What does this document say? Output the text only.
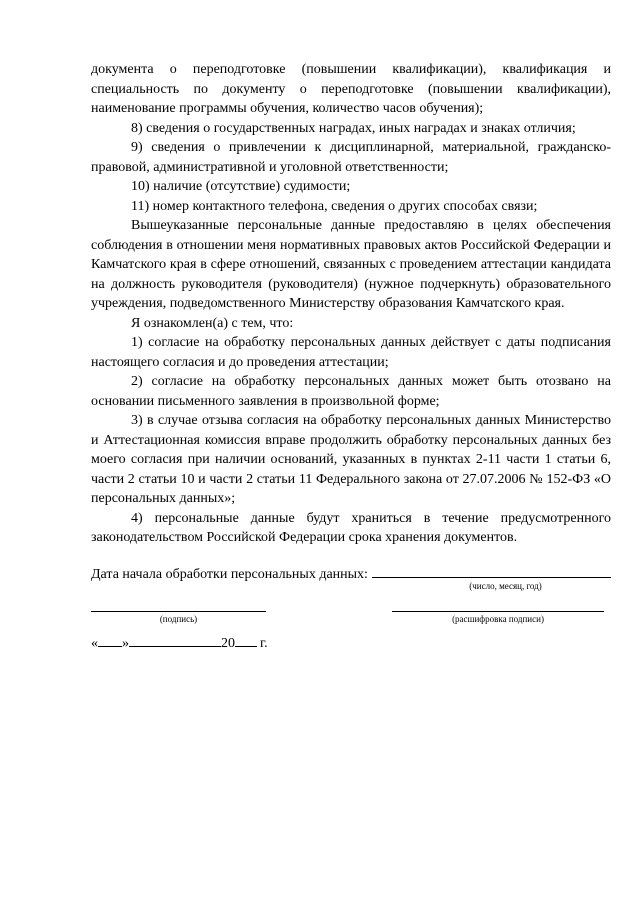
документа о переподготовке (повышении квалификации), квалификация и специальность по документу о переподготовке (повышении квалификации), наименование программы обучения, количество часов обучения);

8) сведения о государственных наградах, иных наградах и знаках отличия;

9) сведения о привлечении к дисциплинарной, материальной, гражданско-правовой, административной и уголовной ответственности;

10) наличие (отсутствие) судимости;

11) номер контактного телефона, сведения о других способах связи;

Вышеуказанные персональные данные предоставляю в целях обеспечения соблюдения в отношении меня нормативных правовых актов Российской Федерации и Камчатского края в сфере отношений, связанных с проведением аттестации кандидата на должность руководителя (руководителя) (нужное подчеркнуть) образовательного учреждения, подведомственного Министерству образования Камчатского края.

Я ознакомлен(а) с тем, что:

1) согласие на обработку персональных данных действует с даты подписания настоящего согласия и до проведения аттестации;

2) согласие на обработку персональных данных может быть отозвано на основании письменного заявления в произвольной форме;

3) в случае отзыва согласия на обработку персональных данных Министерство и Аттестационная комиссия вправе продолжить обработку персональных данных без моего согласия при наличии оснований, указанных в пунктах 2-11 части 1 статьи 6, части 2 статьи 10 и части 2 статьи 11 Федерального закона от 27.07.2006 № 152-ФЗ «О персональных данных»;

4) персональные данные будут храниться в течение предусмотренного законодательством Российской Федерации срока хранения документов.

Дата начала обработки персональных данных:
(число, месяц, год)
(подпись)	(расшифровка подписи)
« »	20 г.
